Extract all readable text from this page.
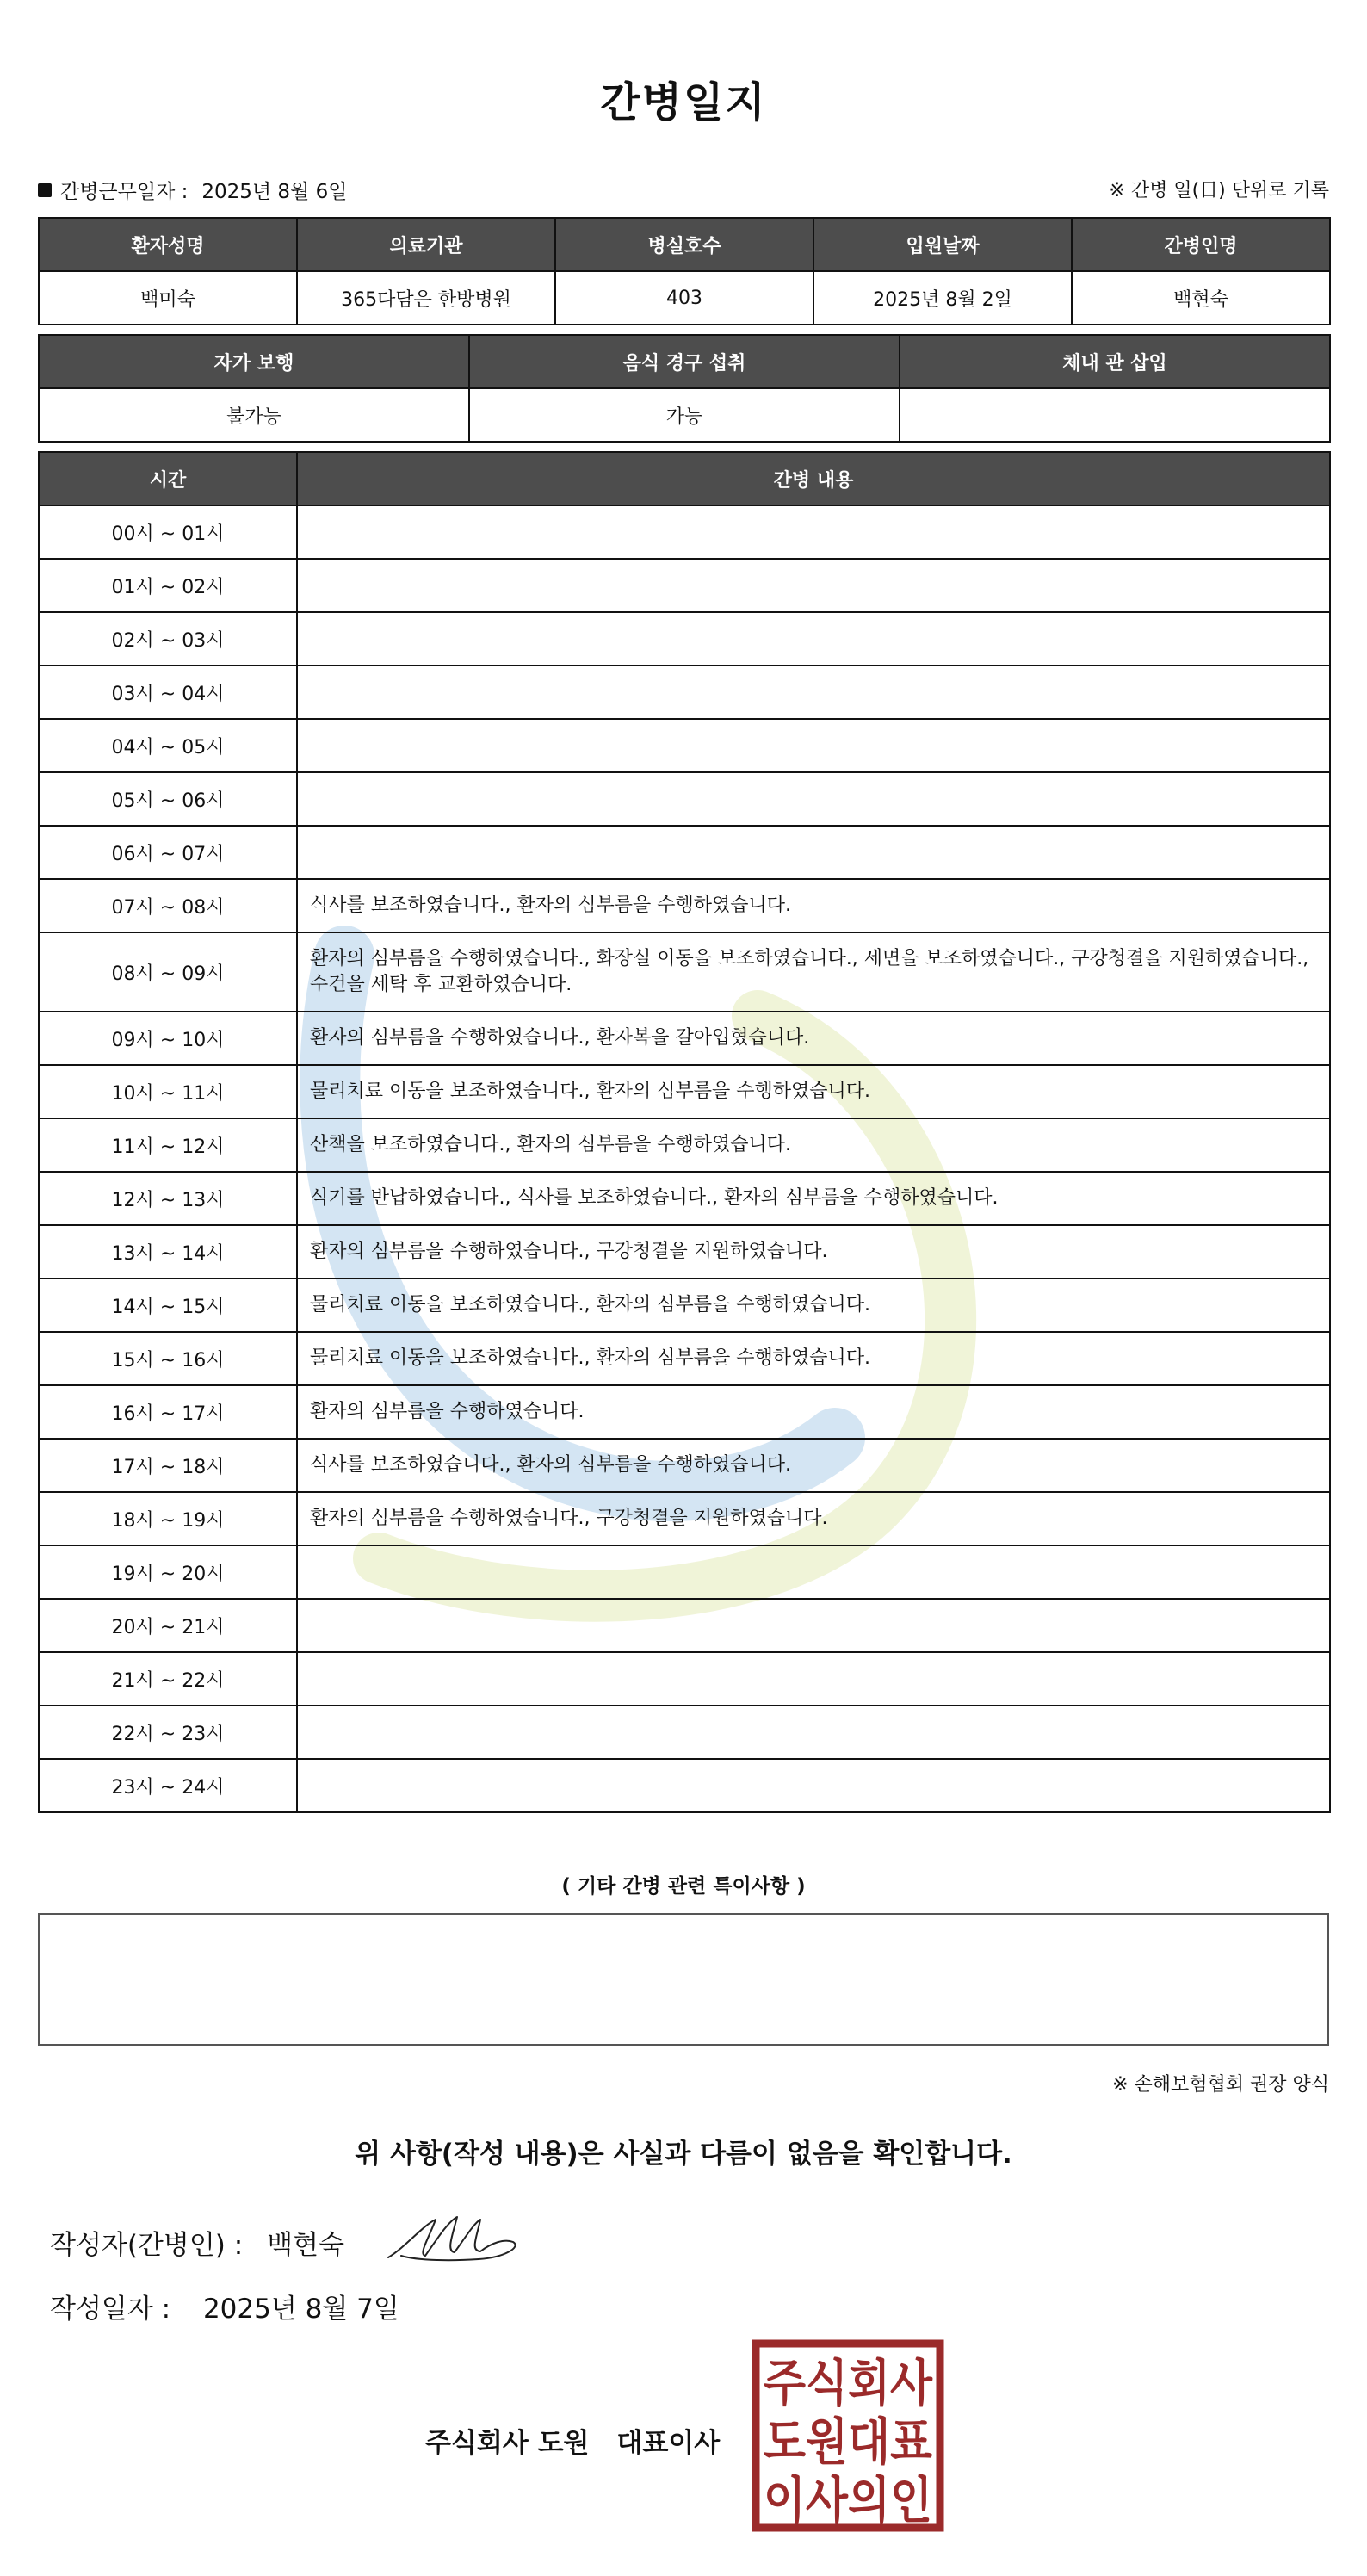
간병일지
간병근무일자 : 2025년 8월 6일	※ 간병 일(日) 단위로 기록
환자성명	의료기관	병실호수	입원날짜	간병인명
백미숙	365다담은 한방병원	403	2025년 8월 2일	백현숙
자가 보행	음식 경구 섭취	체내 관 삽입
불가능	가능	
시간	간병 내용
00시 ~ 01시	
01시 ~ 02시	
02시 ~ 03시	
03시 ~ 04시	
04시 ~ 05시	
05시 ~ 06시	
06시 ~ 07시	
07시 ~ 08시	식사를 보조하였습니다., 환자의 심부름을 수행하였습니다.
08시 ~ 09시	환자의 심부름을 수행하였습니다., 화장실 이동을 보조하였습니다., 세면을 보조하였습니다., 구강청결을 지원하였습니다., 수건을 세탁 후 교환하였습니다.
09시 ~ 10시	환자의 심부름을 수행하였습니다., 환자복을 갈아입혔습니다.
10시 ~ 11시	물리치료 이동을 보조하였습니다., 환자의 심부름을 수행하였습니다.
11시 ~ 12시	산책을 보조하였습니다., 환자의 심부름을 수행하였습니다.
12시 ~ 13시	식기를 반납하였습니다., 식사를 보조하였습니다., 환자의 심부름을 수행하였습니다.
13시 ~ 14시	환자의 심부름을 수행하였습니다., 구강청결을 지원하였습니다.
14시 ~ 15시	물리치료 이동을 보조하였습니다., 환자의 심부름을 수행하였습니다.
15시 ~ 16시	물리치료 이동을 보조하였습니다., 환자의 심부름을 수행하였습니다.
16시 ~ 17시	환자의 심부름을 수행하였습니다.
17시 ~ 18시	식사를 보조하였습니다., 환자의 심부름을 수행하였습니다.
18시 ~ 19시	환자의 심부름을 수행하였습니다., 구강청결을 지원하였습니다.
19시 ~ 20시	
20시 ~ 21시	
21시 ~ 22시	
22시 ~ 23시	
23시 ~ 24시	
( 기타 간병 관련 특이사항 )
※ 손해보험협회 권장 양식
위 사항(작성 내용)은 사실과 다름이 없음을 확인합니다.
작성자(간병인) : 백현숙
작성일자 : 2025년 8월 7일
주식회사 도원 대표이사
주식회사
도원대표
이사의인
